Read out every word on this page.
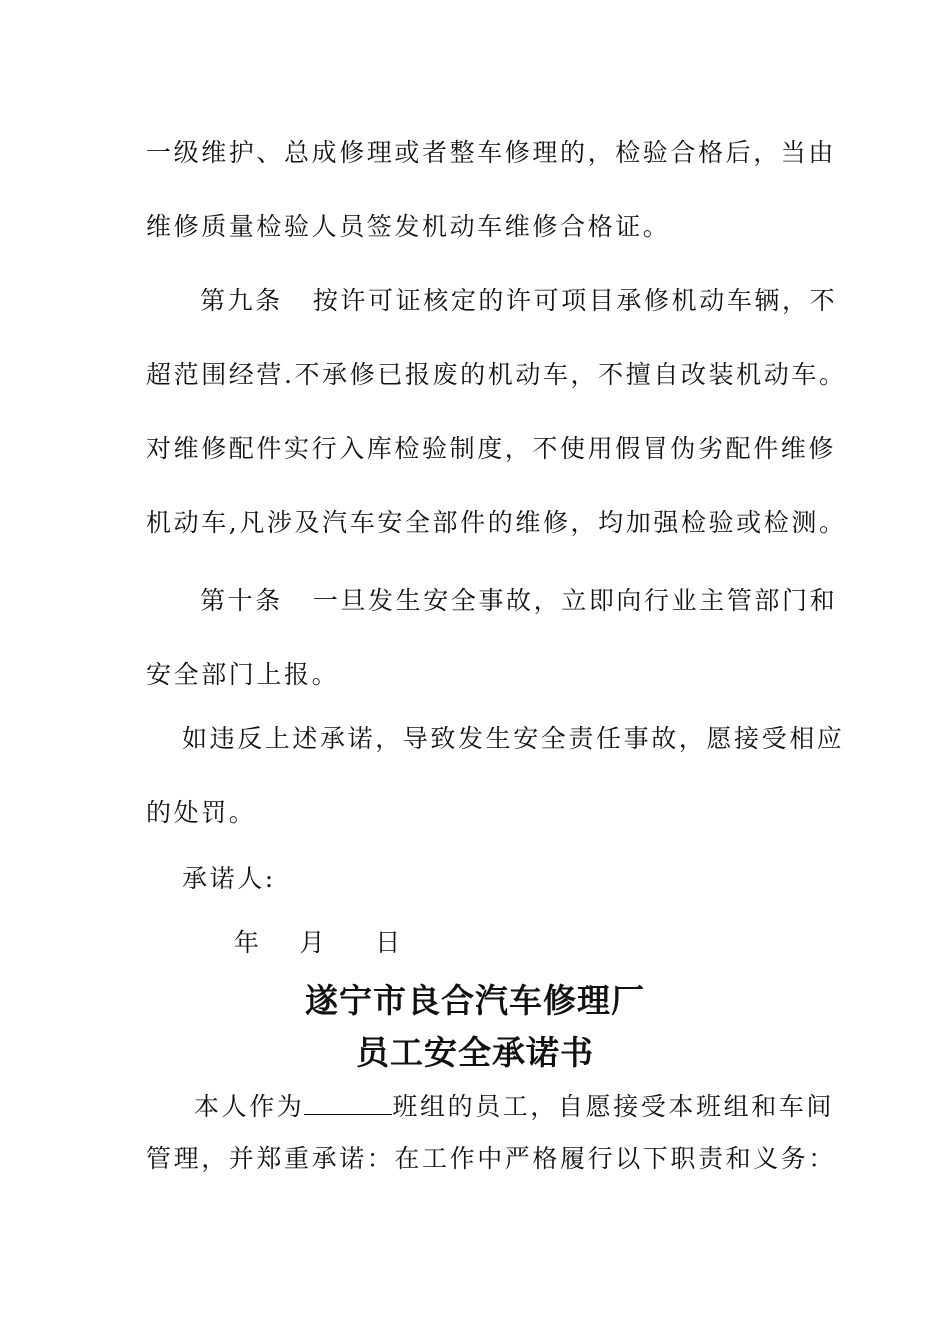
一级维护、总成修理或者整车修理的，检验合格后，当由
维修质量检验人员签发机动车维修合格证。
第九条 按许可证核定的许可项目承修机动车辆，不
超范围经营.不承修已报废的机动车，不擅自改装机动车。
对维修配件实行入库检验制度，不使用假冒伪劣配件维修
机动车,凡涉及汽车安全部件的维修，均加强检验或检测。
第十条 一旦发生安全事故，立即向行业主管部门和
安全部门上报。
如违反上述承诺，导致发生安全责任事故，愿接受相应
的处罚。
承诺人:
年 月 日
遂宁市良合汽车修理厂
员工安全承诺书
本人作为	班组的员工，自愿接受本班组和车间
管理，并郑重承诺：在工作中严格履行以下职责和义务：
